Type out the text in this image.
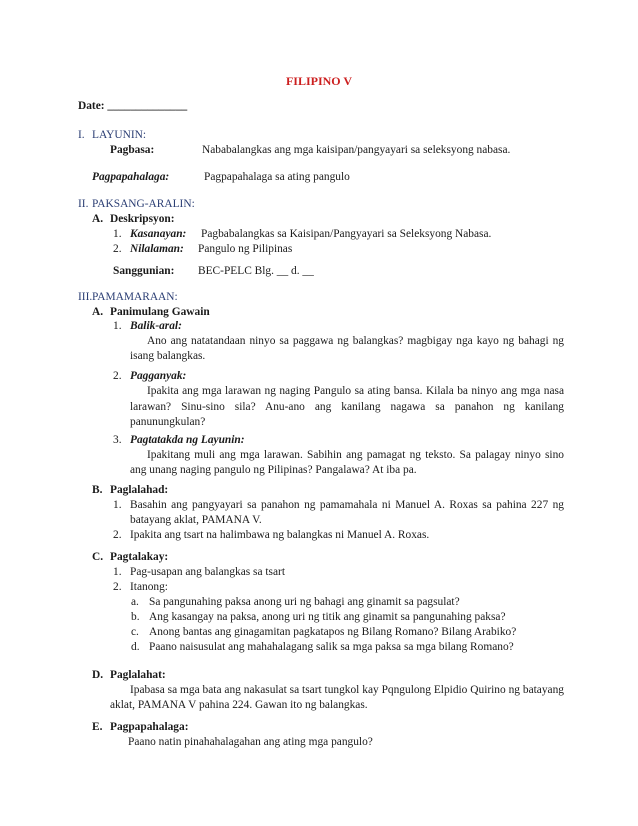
FILIPINO V
Date: ______________
I. LAYUNIN:
Pagbasa:	Nababalangkas ang mga kaisipan/pangyayari sa seleksyong nabasa.
Pagpapahalaga:	Pagpapahalaga sa ating pangulo
II. PAKSANG-ARALIN:
A. Deskripsyon:
1. Kasanayan: Pagbabalangkas sa Kaisipan/Pangyayari sa Seleksyong Nabasa.
2. Nilalaman: Pangulo ng Pilipinas
Sanggunian: BEC-PELC Blg. __ d. __
III. PAMAMARAAN:
A. Panimulang Gawain
1. Balik-aral:
Ano ang natatandaan ninyo sa paggawa ng balangkas? magbigay nga kayo ng bahagi ng isang balangkas.
2. Pagganyak:
Ipakita ang mga larawan ng naging Pangulo sa ating bansa. Kilala ba ninyo ang mga nasa larawan? Sinu-sino sila? Anu-ano ang kanilang nagawa sa panahon ng kanilang panunungkulan?
3. Pagtatakda ng Layunin:
Ipakitang muli ang mga larawan. Sabihin ang pamagat ng teksto. Sa palagay ninyo sino ang unang naging pangulo ng Pilipinas? Pangalawa? At iba pa.
B. Paglalahad:
1. Basahin ang pangyayari sa panahon ng pamamahala ni Manuel A. Roxas sa pahina 227 ng batayang aklat, PAMANA V.
2. Ipakita ang tsart na halimbawa ng balangkas ni Manuel A. Roxas.
C. Pagtalakay:
1. Pag-usapan ang balangkas sa tsart
2. Itanong:
a. Sa pangunahing paksa anong uri ng bahagi ang ginamit sa pagsulat?
b. Ang kasangay na paksa, anong uri ng titik ang ginamit sa pangunahing paksa?
c. Anong bantas ang ginagamitan pagkatapos ng Bilang Romano? Bilang Arabiko?
d. Paano naisusulat ang mahahalagang salik sa mga paksa sa mga bilang Romano?
D. Paglalahat:
Ipabasa sa mga bata ang nakasulat sa tsart tungkol kay Pqngulong Elpidio Quirino ng batayang aklat, PAMANA V pahina 224. Gawan ito ng balangkas.
E. Pagpapahalaga:
Paano natin pinahahalagahan ang ating mga pangulo?
